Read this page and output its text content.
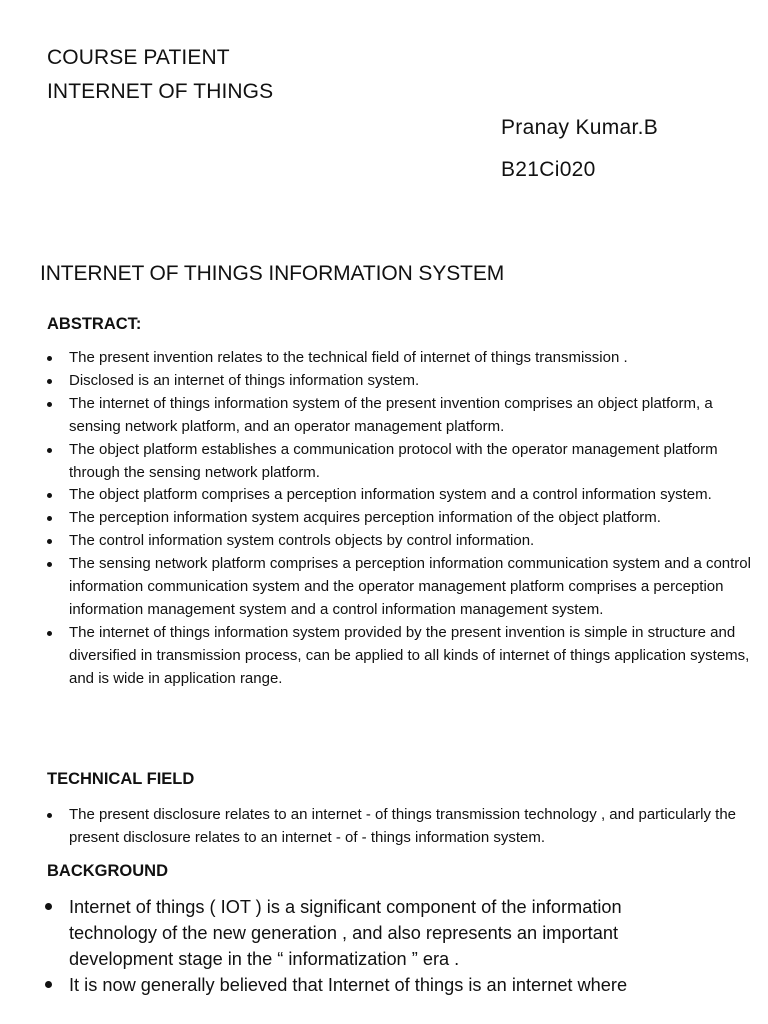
COURSE PATIENT
INTERNET OF THINGS
Pranay Kumar.B
B21Ci020
INTERNET OF THINGS INFORMATION SYSTEM
ABSTRACT:
The present invention relates to the technical field of internet of things transmission .
Disclosed is an internet of things information system.
The internet of things information system of the present invention comprises an object platform, a sensing network platform, and an operator management platform.
The object platform establishes a communication protocol with the operator management platform through the sensing network platform.
The object platform comprises a perception information system and a control information system.
The perception information system acquires perception information of the object platform.
The control information system controls objects by control information.
The sensing network platform comprises a perception information communication system and a control information communication system and the operator management platform comprises a perception information management system and a control information management system.
The internet of things information system provided by the present invention is simple in structure and diversified in transmission process, can be applied to all kinds of internet of things application systems, and is wide in application range.
TECHNICAL FIELD
The present disclosure relates to an internet - of things transmission technology , and particularly the present disclosure relates to an internet - of - things information system.
BACKGROUND
Internet of things ( IOT ) is a significant component of the information technology of the new generation , and also represents an important development stage in the “ informatization ” era .
It is now generally believed that Internet of things is an internet where
